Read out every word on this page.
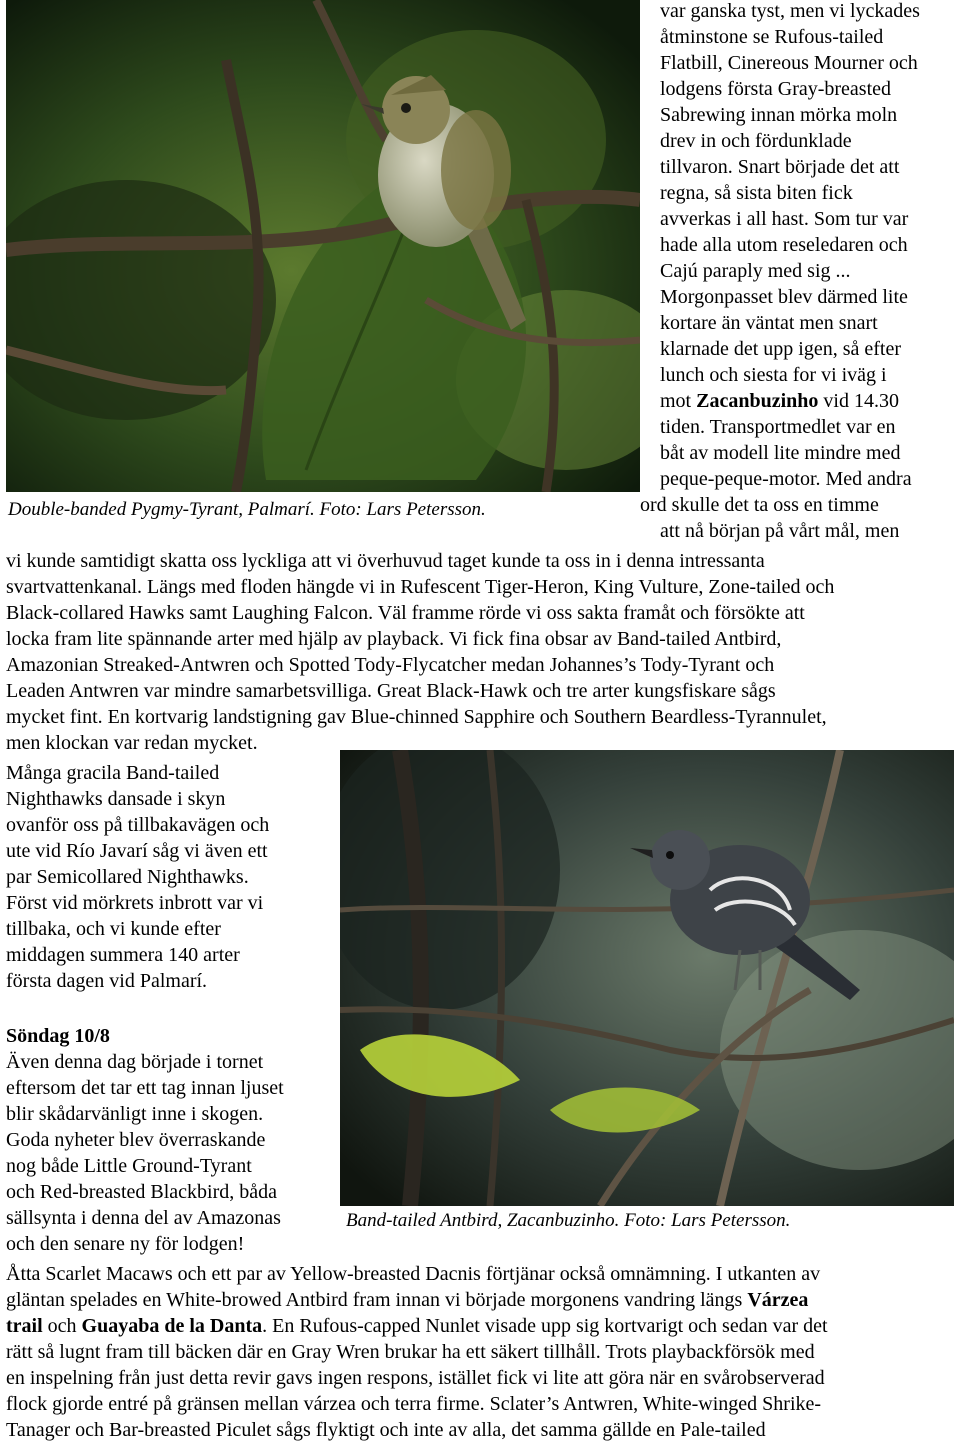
Double-banded Pygmy-Tyrant, Palmarí. Foto: Lars Petersson.
var ganska tyst, men vi lyckades
åtminstone se Rufous-tailed
Flatbill, Cinereous Mourner och
lodgens första Gray-breasted
Sabrewing innan mörka moln
drev in och fördunklade
tillvaron. Snart började det att
regna, så sista biten fick
avverkas i all hast. Som tur var
hade alla utom reseledaren och
Cajú paraply med sig ...
Morgonpasset blev därmed lite
kortare än väntat men snart
klarnade det upp igen, så efter
lunch och siesta for vi iväg i
mot Zacanbuzinho vid 14.30
tiden. Transportmedlet var en
båt av modell lite mindre med
peque-peque-motor. Med andra
ord skulle det ta oss en timme
att nå början på vårt mål, men
Band-tailed Antbird, Zacanbuzinho. Foto: Lars Petersson.
vi kunde samtidigt skatta oss lyckliga att vi överhuvud taget kunde ta oss in i denna intressanta
svartvattenkanal. Längs med floden hängde vi in Rufescent Tiger-Heron, King Vulture, Zone-tailed och
Black-collared Hawks samt Laughing Falcon. Väl framme rörde vi oss sakta framåt och försökte att
locka fram lite spännande arter med hjälp av playback. Vi fick fina obsar av Band-tailed Antbird,
Amazonian Streaked-Antwren och Spotted Tody-Flycatcher medan Johannes’s Tody-Tyrant och
Leaden Antwren var mindre samarbetsvilliga. Great Black-Hawk och tre arter kungsfiskare sågs
mycket fint. En kortvarig landstigning gav Blue-chinned Sapphire och Southern Beardless-Tyrannulet,
men klockan var redan mycket.
Många gracila Band-tailed
Nighthawks dansade i skyn
ovanför oss på tillbakavägen och
ute vid Río Javarí såg vi även ett
par Semicollared Nighthawks.
Först vid mörkrets inbrott var vi
tillbaka, och vi kunde efter
middagen summera 140 arter
första dagen vid Palmarí.
Söndag 10/8
Även denna dag började i tornet
eftersom det tar ett tag innan ljuset
blir skådarvänligt inne i skogen.
Goda nyheter blev överraskande
nog både Little Ground-Tyrant
och Red-breasted Blackbird, båda
sällsynta i denna del av Amazonas
och den senare ny för lodgen!
Åtta Scarlet Macaws och ett par av Yellow-breasted Dacnis förtjänar också omnämning. I utkanten av
gläntan spelades en White-browed Antbird fram innan vi började morgonens vandring längs Várzea
trail och Guayaba de la Danta. En Rufous-capped Nunlet visade upp sig kortvarigt och sedan var det
rätt så lugnt fram till bäcken där en Gray Wren brukar ha ett säkert tillhåll. Trots playbackförsök med
en inspelning från just detta revir gavs ingen respons, istället fick vi lite att göra när en svårobserverad
flock gjorde entré på gränsen mellan várzea och terra firme. Sclater’s Antwren, White-winged Shrike-
Tanager och Bar-breasted Piculet sågs flyktigt och inte av alla, det samma gällde en Pale-tailed
